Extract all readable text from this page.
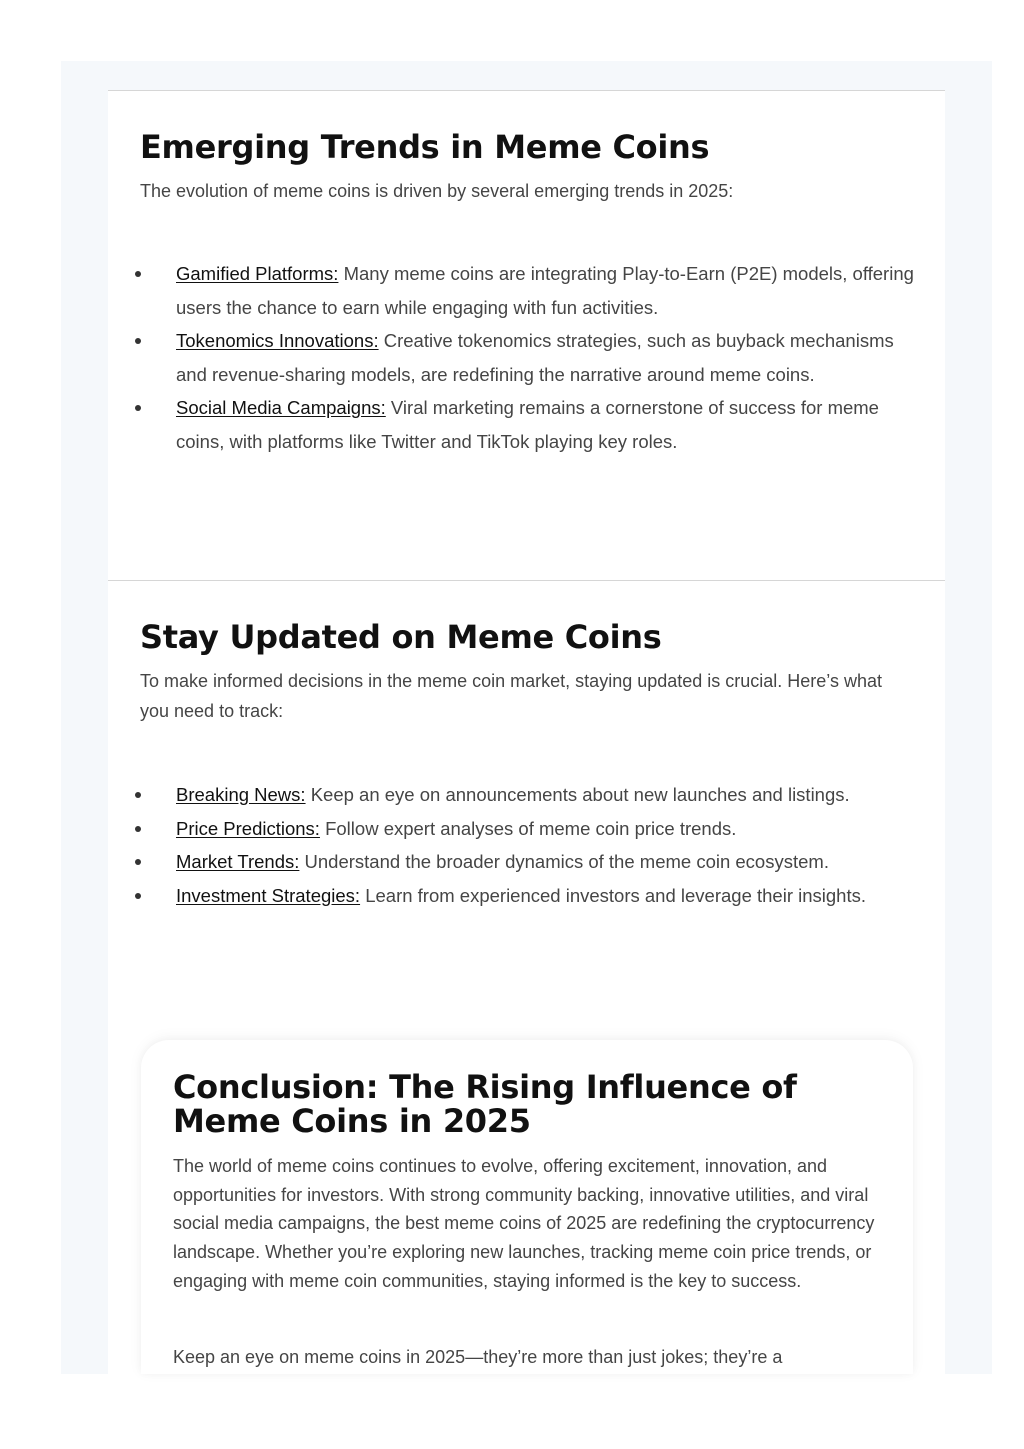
Emerging Trends in Meme Coins

The evolution of meme coins is driven by several emerging trends in 2025:

Gamified Platforms: Many meme coins are integrating Play-to-Earn (P2E) models, offering users the chance to earn while engaging with fun activities.
Tokenomics Innovations: Creative tokenomics strategies, such as buyback mechanisms and revenue-sharing models, are redefining the narrative around meme coins.
Social Media Campaigns: Viral marketing remains a cornerstone of success for meme coins, with platforms like Twitter and TikTok playing key roles.
Stay Updated on Meme Coins

To make informed decisions in the meme coin market, staying updated is crucial. Here’s what you need to track:

Breaking News: Keep an eye on announcements about new launches and listings.
Price Predictions: Follow expert analyses of meme coin price trends.
Market Trends: Understand the broader dynamics of the meme coin ecosystem.
Investment Strategies: Learn from experienced investors and leverage their insights.
Conclusion: The Rising Influence of Meme Coins in 2025

The world of meme coins continues to evolve, offering excitement, innovation, and opportunities for investors. With strong community backing, innovative utilities, and viral social media campaigns, the best meme coins of 2025 are redefining the cryptocurrency landscape. Whether you’re exploring new launches, tracking meme coin price trends, or engaging with meme coin communities, staying informed is the key to success.

Keep an eye on meme coins in 2025—they’re more than just jokes; they’re a
